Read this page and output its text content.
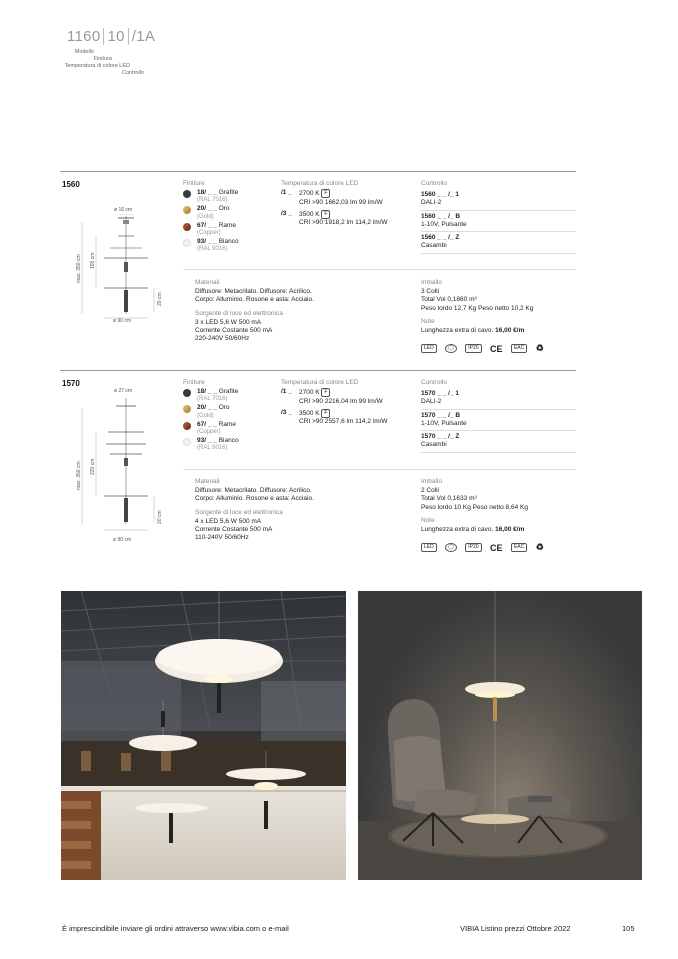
1160 10 /1A
Modello
Finitura
Temperatura di colore LED
Controllo
1560
ø 16 cm
max. 350 cm 155 cm
20 cm
ø 90 cm
Finiture
18/ _ _ Grafite
(RAL 7016)
20/ _ _ Oro
(Gold)
67/ _ _ Rame
(Copper)
93/ _ _ Bianco
(RAL 9016)
Temperatura di colore LED
/1 _	2700 K F
CRI >90 1662,03 lm 99 lm/W
/3 _	3500 K F
CRI >90 1918,2 lm 114,2 lm/W
Controllo
1560 _ _ /_ 1
DALI-2
1560 _ _ /_ B
1-10V, Pulsante
1560 _ _ /_ Z
Casambi
Materiali
Diffusore: Metacrilato. Diffusore: Acrilico.
Corpo: Alluminio. Rosone e asta: Acciaio.
Sorgente di luce ed elettronica
3 x LED 5,6 W 500 mA
Corrente Costante 500 mA
220-240V 50/60Hz
Imballo
3 Colli
Total Vol 0,1860 m³
Peso lordo 12,7 Kg Peso netto 10,2 Kg
Note
Lunghezza extra di cavo. 16,00 €/m
LED	◯	IP20 CE EAC ♻
1570
ø 27 cm
max. 350 cm 220 cm
20 cm
ø 90 cm
Finiture
18/ _ _ Grafite
(RAL 7016)
20/ _ _ Oro
(Gold)
67/ _ _ Rame
(Copper)
93/ _ _ Bianco
(RAL 9016)
Temperatura di colore LED
/1 _	2700 K F
CRI >90 2216,04 lm 99 lm/W
/3 _	3500 K F
CRI >90 2557,6 lm 114,2 lm/W
Controllo
1570 _ _ /_ 1
DALI-2
1570 _ _ /_ B
1-10V, Pulsante
1570 _ _ /_ Z
Casambi
Materiali
Diffusore: Metacrilato. Diffusore: Acrilico.
Corpo: Alluminio. Rosone e asta: Acciaio.
Sorgente di luce ed elettronica
4 x LED 5,6 W 500 mA
Corrente Costante 500 mA
110-240V 50/60Hz
Imballo
2 Colli
Total Vol 0,1633 m³
Peso lordo 10 Kg Peso netto 8,64 Kg
Note
Lunghezza extra di cavo. 16,00 €/m
LED	◯	IP20 CE EAC ♻
È imprescindibile inviare gli ordini attraverso www.vibia.com o e-mail	VIBIA Listino prezzi Ottobre 2022	105
